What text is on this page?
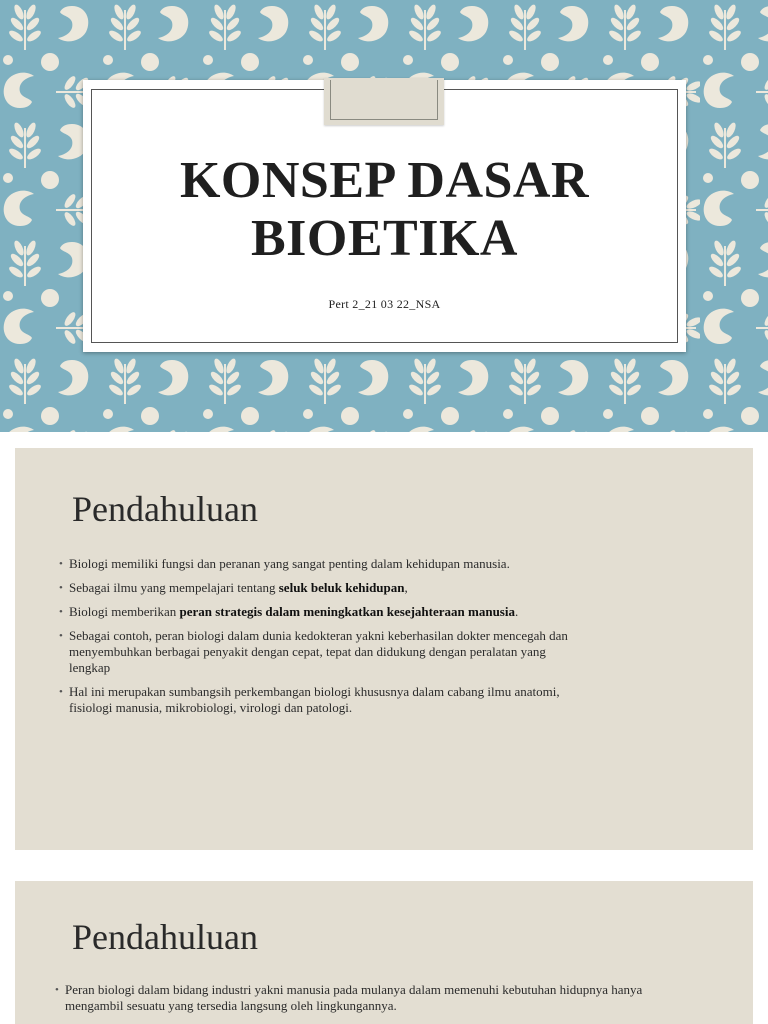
KONSEP DASAR
BIOETIKA
Pert 2_21 03 22_NSA
Pendahuluan
• Biologi memiliki fungsi dan peranan yang sangat penting dalam kehidupan manusia.
• Sebagai ilmu yang mempelajari tentang seluk beluk kehidupan,
• Biologi memberikan peran strategis dalam meningkatkan kesejahteraan manusia.
• Sebagai contoh, peran biologi dalam dunia kedokteran yakni keberhasilan dokter mencegah dan menyembuhkan berbagai penyakit dengan cepat, tepat dan didukung dengan peralatan yang lengkap
• Hal ini merupakan sumbangsih perkembangan biologi khususnya dalam cabang ilmu anatomi, fisiologi manusia, mikrobiologi, virologi dan patologi.
Pendahuluan
• Peran biologi dalam bidang industri yakni manusia pada mulanya dalam memenuhi kebutuhan hidupnya hanya mengambil sesuatu yang tersedia langsung oleh lingkungannya.
